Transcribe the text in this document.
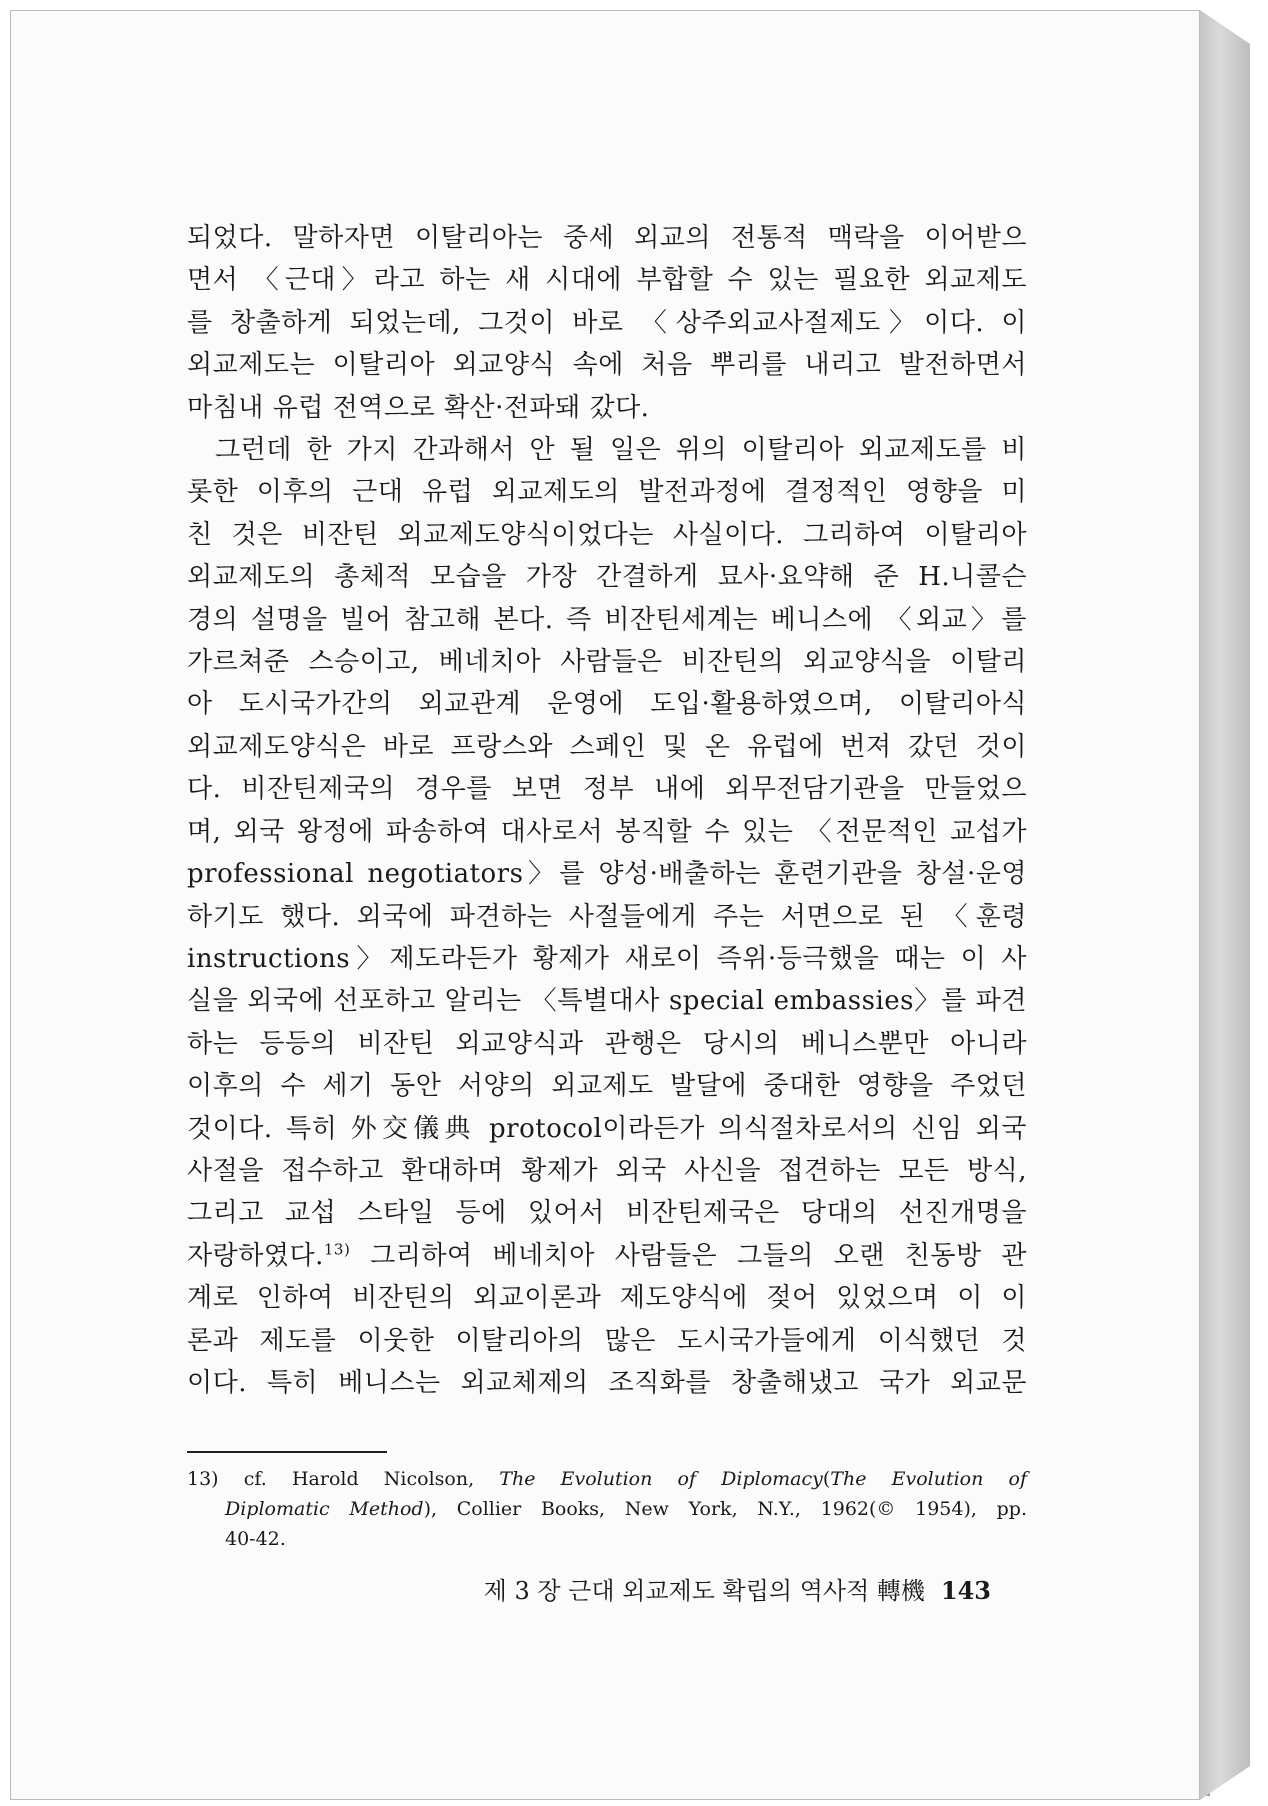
되었다. 말하자면 이탈리아는 중세 외교의 전통적 맥락을 이어받으
면서 〈근대〉라고 하는 새 시대에 부합할 수 있는 필요한 외교제도
를 창출하게 되었는데, 그것이 바로 〈상주외교사절제도〉이다. 이
외교제도는 이탈리아 외교양식 속에 처음 뿌리를 내리고 발전하면서
마침내 유럽 전역으로 확산·전파돼 갔다.
그런데 한 가지 간과해서 안 될 일은 위의 이탈리아 외교제도를 비
롯한 이후의 근대 유럽 외교제도의 발전과정에 결정적인 영향을 미
친 것은 비잔틴 외교제도양식이었다는 사실이다. 그리하여 이탈리아
외교제도의 총체적 모습을 가장 간결하게 묘사·요약해 준 H.니콜슨
경의 설명을 빌어 참고해 본다. 즉 비잔틴세계는 베니스에 〈외교〉를
가르쳐준 스승이고, 베네치아 사람들은 비잔틴의 외교양식을 이탈리
아 도시국가간의 외교관계 운영에 도입·활용하였으며, 이탈리아식
외교제도양식은 바로 프랑스와 스페인 및 온 유럽에 번져 갔던 것이
다. 비잔틴제국의 경우를 보면 정부 내에 외무전담기관을 만들었으
며, 외국 왕정에 파송하여 대사로서 봉직할 수 있는 〈전문적인 교섭가
professional negotiators〉를 양성·배출하는 훈련기관을 창설·운영
하기도 했다. 외국에 파견하는 사절들에게 주는 서면으로 된 〈훈령
instructions〉제도라든가 황제가 새로이 즉위·등극했을 때는 이 사
실을 외국에 선포하고 알리는 〈특별대사 special embassies〉를 파견
하는 등등의 비잔틴 외교양식과 관행은 당시의 베니스뿐만 아니라
이후의 수 세기 동안 서양의 외교제도 발달에 중대한 영향을 주었던
것이다. 특히 外交儀典 protocol이라든가 의식절차로서의 신임 외국
사절을 접수하고 환대하며 황제가 외국 사신을 접견하는 모든 방식,
그리고 교섭 스타일 등에 있어서 비잔틴제국은 당대의 선진개명을
자랑하였다.$^{13)}$ 그리하여 베네치아 사람들은 그들의 오랜 친동방 관
계로 인하여 비잔틴의 외교이론과 제도양식에 젖어 있었으며 이 이
론과 제도를 이웃한 이탈리아의 많은 도시국가들에게 이식했던 것
이다. 특히 베니스는 외교체제의 조직화를 창출해냈고 국가 외교문
13) cf. Harold Nicolson, The Evolution of Diplomacy(The Evolution of
Diplomatic Method), Collier Books, New York, N.Y., 1962(© 1954), pp.
40-42.
제 3 장 근대 외교제도 확립의 역사적 轉機 143
